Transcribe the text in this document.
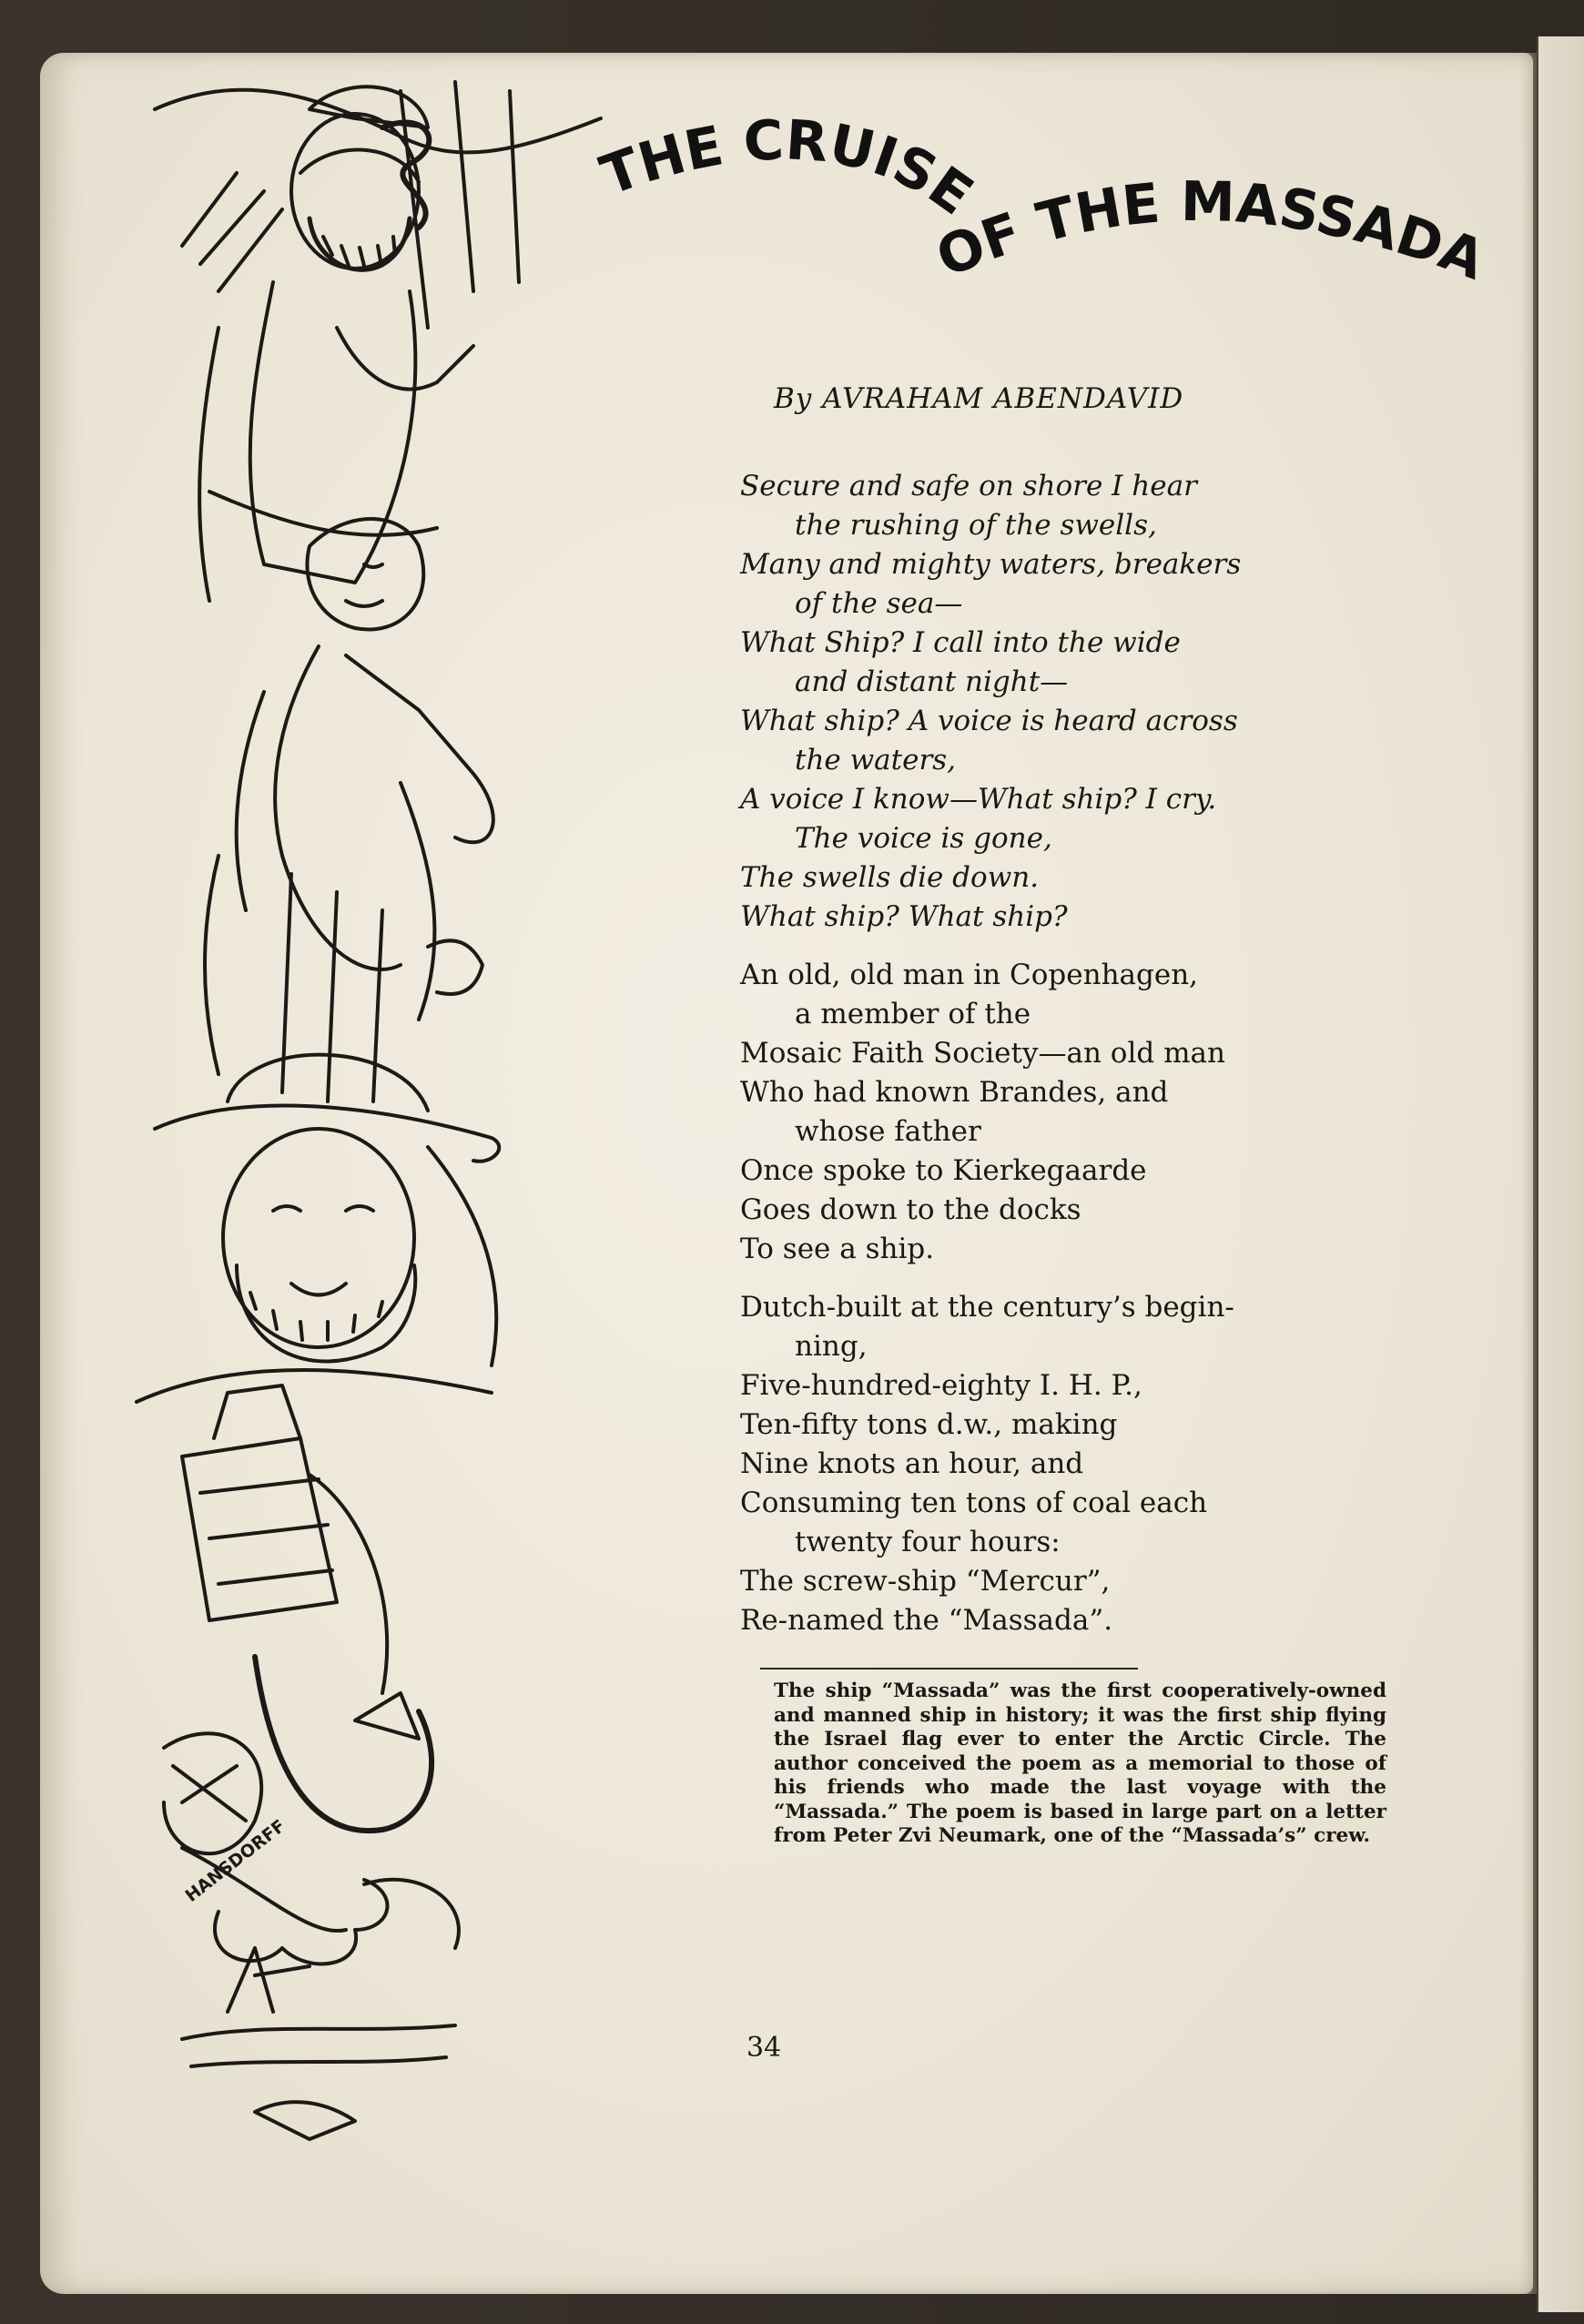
HANSDORFF
THE CRUISE
OF THE MASSADA
By AVRAHAM ABENDAVID
Secure and safe on shore I hear
the rushing of the swells,
Many and mighty waters, breakers
of the sea—
What Ship? I call into the wide
and distant night—
What ship? A voice is heard across
the waters,
A voice I know—What ship? I cry.
The voice is gone,
The swells die down.
What ship? What ship?
An old, old man in Copenhagen,
a member of the
Mosaic Faith Society—an old man
Who had known Brandes, and
whose father
Once spoke to Kierkegaarde
Goes down to the docks
To see a ship.
Dutch-built at the century’s begin-
ning,
Five-hundred-eighty I. H. P.,
Ten-fifty tons d.w., making
Nine knots an hour, and
Consuming ten tons of coal each
twenty four hours:
The screw-ship “Mercur”,
Re-named the “Massada”.
The ship “Massada” was the first cooperatively-owned and manned ship in history; it was the first ship flying the Israel flag ever to enter the Arctic Circle. The author conceived the poem as a memorial to those of his friends who made the last voyage with the “Massada.” The poem is based in large part on a letter from Peter Zvi Neumark, one of the “Massada’s” crew.
34
